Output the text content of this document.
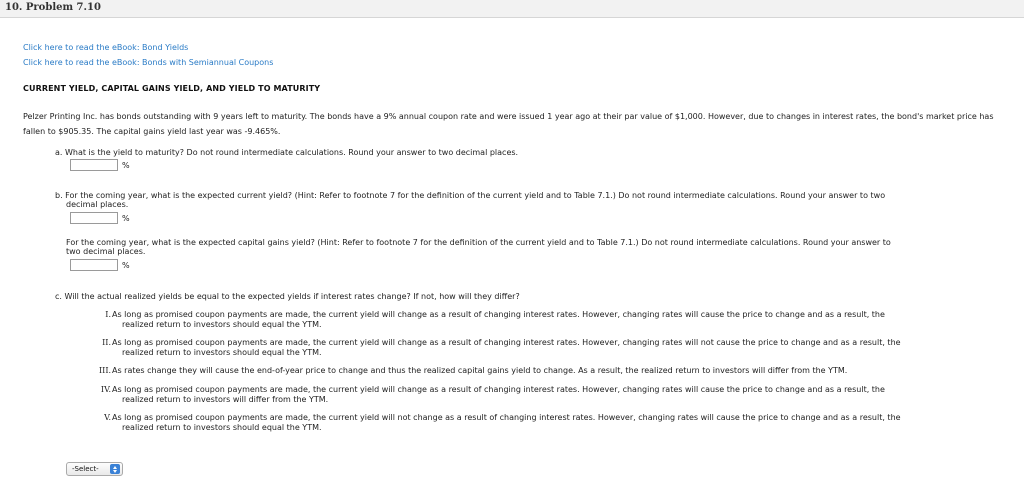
10. Problem 7.10
Click here to read the eBook: Bond Yields
Click here to read the eBook: Bonds with Semiannual Coupons
CURRENT YIELD, CAPITAL GAINS YIELD, AND YIELD TO MATURITY
Pelzer Printing Inc. has bonds outstanding with 9 years left to maturity. The bonds have a 9% annual coupon rate and were issued 1 year ago at their par value of $1,000. However, due to changes in interest rates, the bond's market price has fallen to $905.35. The capital gains yield last year was -9.465%.
a. What is the yield to maturity? Do not round intermediate calculations. Round your answer to two decimal places.
%
b. For the coming year, what is the expected current yield? (Hint: Refer to footnote 7 for the definition of the current yield and to Table 7.1.) Do not round intermediate calculations. Round your answer to two
decimal places.
%
For the coming year, what is the expected capital gains yield? (Hint: Refer to footnote 7 for the definition of the current yield and to Table 7.1.) Do not round intermediate calculations. Round your answer to
two decimal places.
%
c. Will the actual realized yields be equal to the expected yields if interest rates change? If not, how will they differ?
I. As long as promised coupon payments are made, the current yield will change as a result of changing interest rates. However, changing rates will cause the price to change and as a result, the
realized return to investors should equal the YTM.
II. As long as promised coupon payments are made, the current yield will change as a result of changing interest rates. However, changing rates will not cause the price to change and as a result, the
realized return to investors should equal the YTM.
III. As rates change they will cause the end-of-year price to change and thus the realized capital gains yield to change. As a result, the realized return to investors will differ from the YTM.
IV. As long as promised coupon payments are made, the current yield will change as a result of changing interest rates. However, changing rates will cause the price to change and as a result, the
realized return to investors will differ from the YTM.
V. As long as promised coupon payments are made, the current yield will not change as a result of changing interest rates. However, changing rates will cause the price to change and as a result, the
realized return to investors should equal the YTM.
-Select-
